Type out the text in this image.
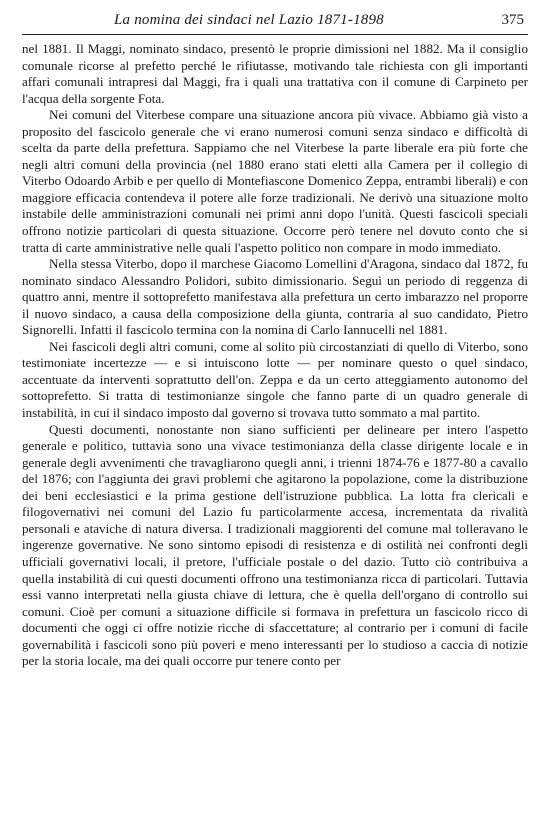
La nomina dei sindaci nel Lazio 1871-1898	375

nel 1881. Il Maggi, nominato sindaco, presentò le proprie dimissioni nel 1882. Ma il consiglio comunale ricorse al prefetto perché le rifiutasse, motivando tale richiesta con gli importanti affari comunali intrapresi dal Maggi, fra i quali una trattativa con il comune di Carpineto per l'acqua della sorgente Fota.

Nei comuni del Viterbese compare una situazione ancora più vivace. Abbiamo già visto a proposito del fascicolo generale che vi erano numerosi comuni senza sindaco e difficoltà di scelta da parte della prefettura. Sappiamo che nel Viterbese la parte liberale era più forte che negli altri comuni della provincia (nel 1880 erano stati eletti alla Camera per il collegio di Viterbo Odoardo Arbib e per quello di Montefiascone Domenico Zeppa, entrambi liberali) e con maggiore efficacia contendeva il potere alle forze tradizionali. Ne derivò una situazione molto instabile delle amministrazioni comunali nei primi anni dopo l'unità. Questi fascicoli speciali offrono notizie particolari di questa situazione. Occorre però tenere nel dovuto conto che si tratta di carte amministrative nelle quali l'aspetto politico non compare in modo immediato.

Nella stessa Viterbo, dopo il marchese Giacomo Lomellini d'Aragona, sindaco dal 1872, fu nominato sindaco Alessandro Polidori, subito dimissionario. Seguì un periodo di reggenza di quattro anni, mentre il sottoprefetto manifestava alla prefettura un certo imbarazzo nel proporre il nuovo sindaco, a causa della composizione della giunta, contraria al suo candidato, Pietro Signorelli. Infatti il fascicolo termina con la nomina di Carlo Iannucelli nel 1881.

Nei fascicoli degli altri comuni, come al solito più circostanziati di quello di Viterbo, sono testimoniate incertezze — e si intuiscono lotte — per nominare questo o quel sindaco, accentuate da interventi soprattutto dell'on. Zeppa e da un certo atteggiamento autonomo del sottoprefetto. Si tratta di testimonianze singole che fanno parte di un quadro generale di instabilità, in cui il sindaco imposto dal governo si trovava tutto sommato a mal partito.

Questi documenti, nonostante non siano sufficienti per delineare per intero l'aspetto generale e politico, tuttavia sono una vivace testimonianza della classe dirigente locale e in generale degli avvenimenti che travagliarono quegli anni, i trienni 1874-76 e 1877-80 a cavallo del 1876; con l'aggiunta dei gravi problemi che agitarono la popolazione, come la distribuzione dei beni ecclesiastici e la prima gestione dell'istruzione pubblica. La lotta fra clericali e filogovernativi nei comuni del Lazio fu particolarmente accesa, incrementata da rivalità personali e ataviche di natura diversa. I tradizionali maggiorenti del comune mal tolleravano le ingerenze governative. Ne sono sintomo episodi di resistenza e di ostilità nei confronti degli ufficiali governativi locali, il pretore, l'ufficiale postale o del dazio. Tutto ciò contribuiva a quella instabilità di cui questi documenti offrono una testimonianza ricca di particolari. Tuttavia essi vanno interpretati nella giusta chiave di lettura, che è quella dell'organo di controllo sui comuni. Cioè per comuni a situazione difficile si formava in prefettura un fascicolo ricco di documenti che oggi ci offre notizie ricche di sfaccettature; al contrario per i comuni di facile governabilità i fascicoli sono più poveri e meno interessanti per lo studioso a caccia di notizie per la storia locale, ma dei quali occorre pur tenere conto per
